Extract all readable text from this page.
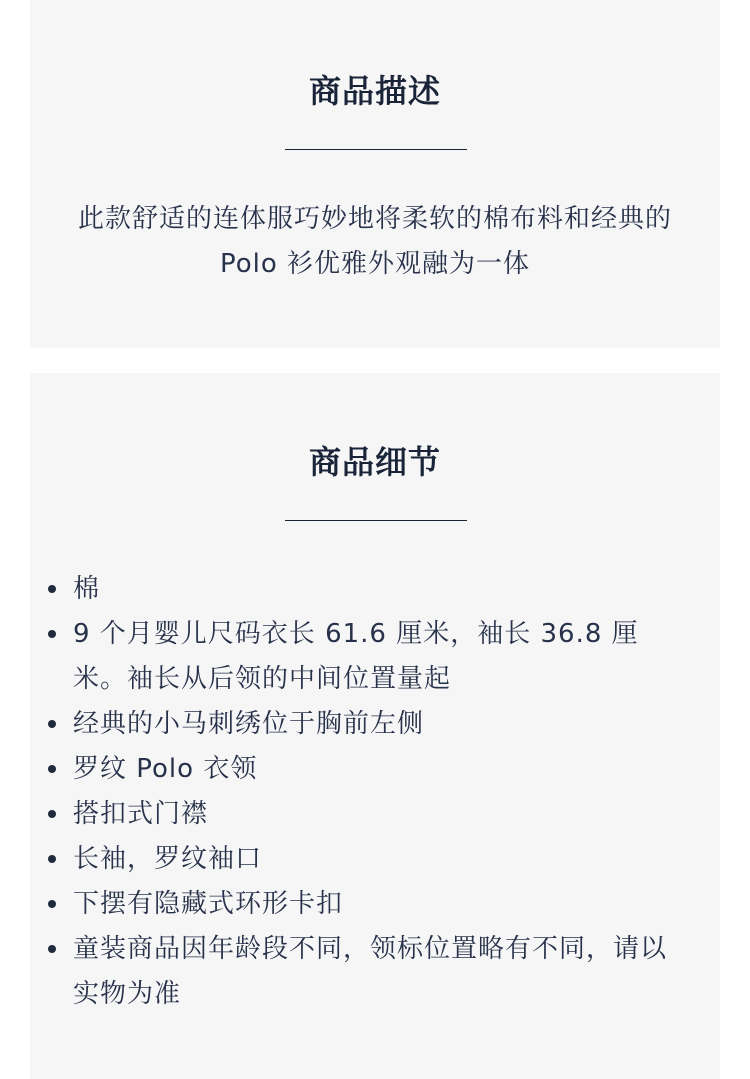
商品描述

此款舒适的连体服巧妙地将柔软的棉布料和经典的 Polo 衫优雅外观融为一体

商品细节
棉
9 个月婴儿尺码衣长 61.6 厘米，袖长 36.8 厘米。袖长从后领的中间位置量起
经典的小马刺绣位于胸前左侧
罗纹 Polo 衣领
搭扣式门襟
长袖，罗纹袖口
下摆有隐藏式环形卡扣
童装商品因年龄段不同，领标位置略有不同，请以实物为准
